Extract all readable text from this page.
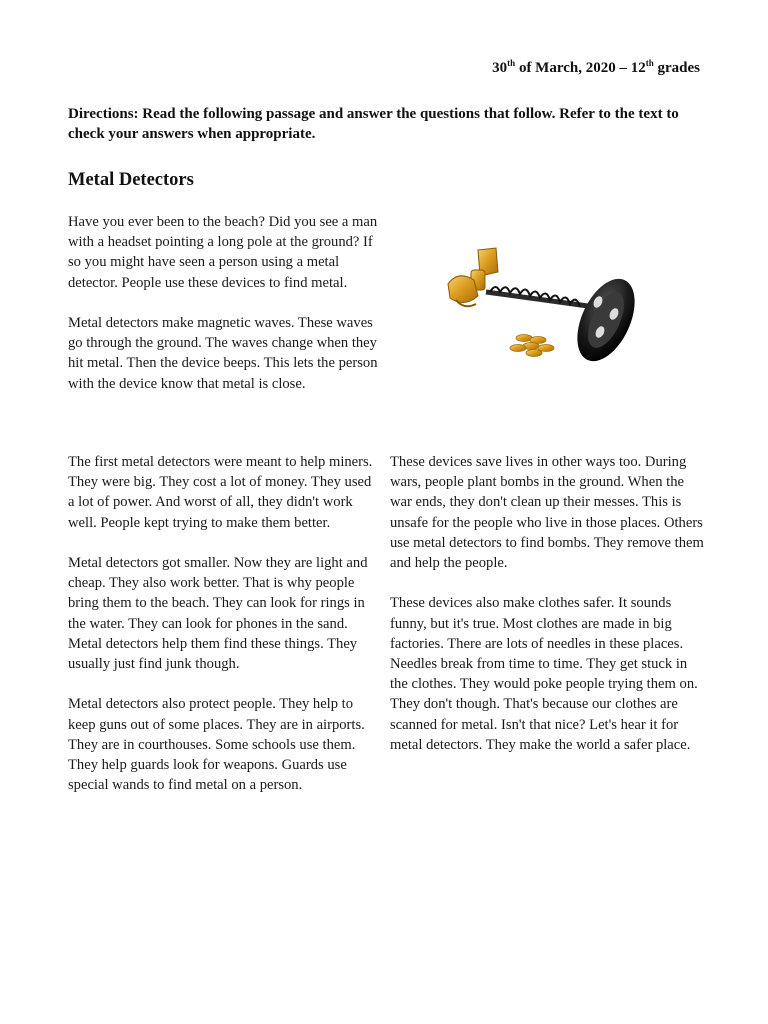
30th of March, 2020 – 12th grades
Directions: Read the following passage and answer the questions that follow. Refer to the text to check your answers when appropriate.
Metal Detectors

Have you ever been to the beach? Did you see a man with a headset pointing a long pole at the ground? If so you might have seen a person using a metal detector. People use these devices to find metal.

Metal detectors make magnetic waves. These waves go through the ground. The waves change when they hit metal. Then the device beeps. This lets the person with the device know that metal is close.

The first metal detectors were meant to help miners. They were big. They cost a lot of money. They used a lot of power. And worst of all, they didn't work well. People kept trying to make them better.

Metal detectors got smaller. Now they are light and cheap. They also work better. That is why people bring them to the beach. They can look for rings in the water. They can look for phones in the sand. Metal detectors help them find these things. They usually just find junk though.

Metal detectors also protect people. They help to keep guns out of some places. They are in airports. They are in courthouses. Some schools use them. They help guards look for weapons. Guards use special wands to find metal on a person.

These devices save lives in other ways too. During wars, people plant bombs in the ground. When the war ends, they don't clean up their messes. This is unsafe for the people who live in those places. Others use metal detectors to find bombs. They remove them and help the people.

These devices also make clothes safer. It sounds funny, but it's true. Most clothes are made in big factories. There are lots of needles in these places. Needles break from time to time. They get stuck in the clothes. They would poke people trying them on. They don't though. That's because our clothes are scanned for metal. Isn't that nice? Let's hear it for metal detectors. They make the world a safer place.
